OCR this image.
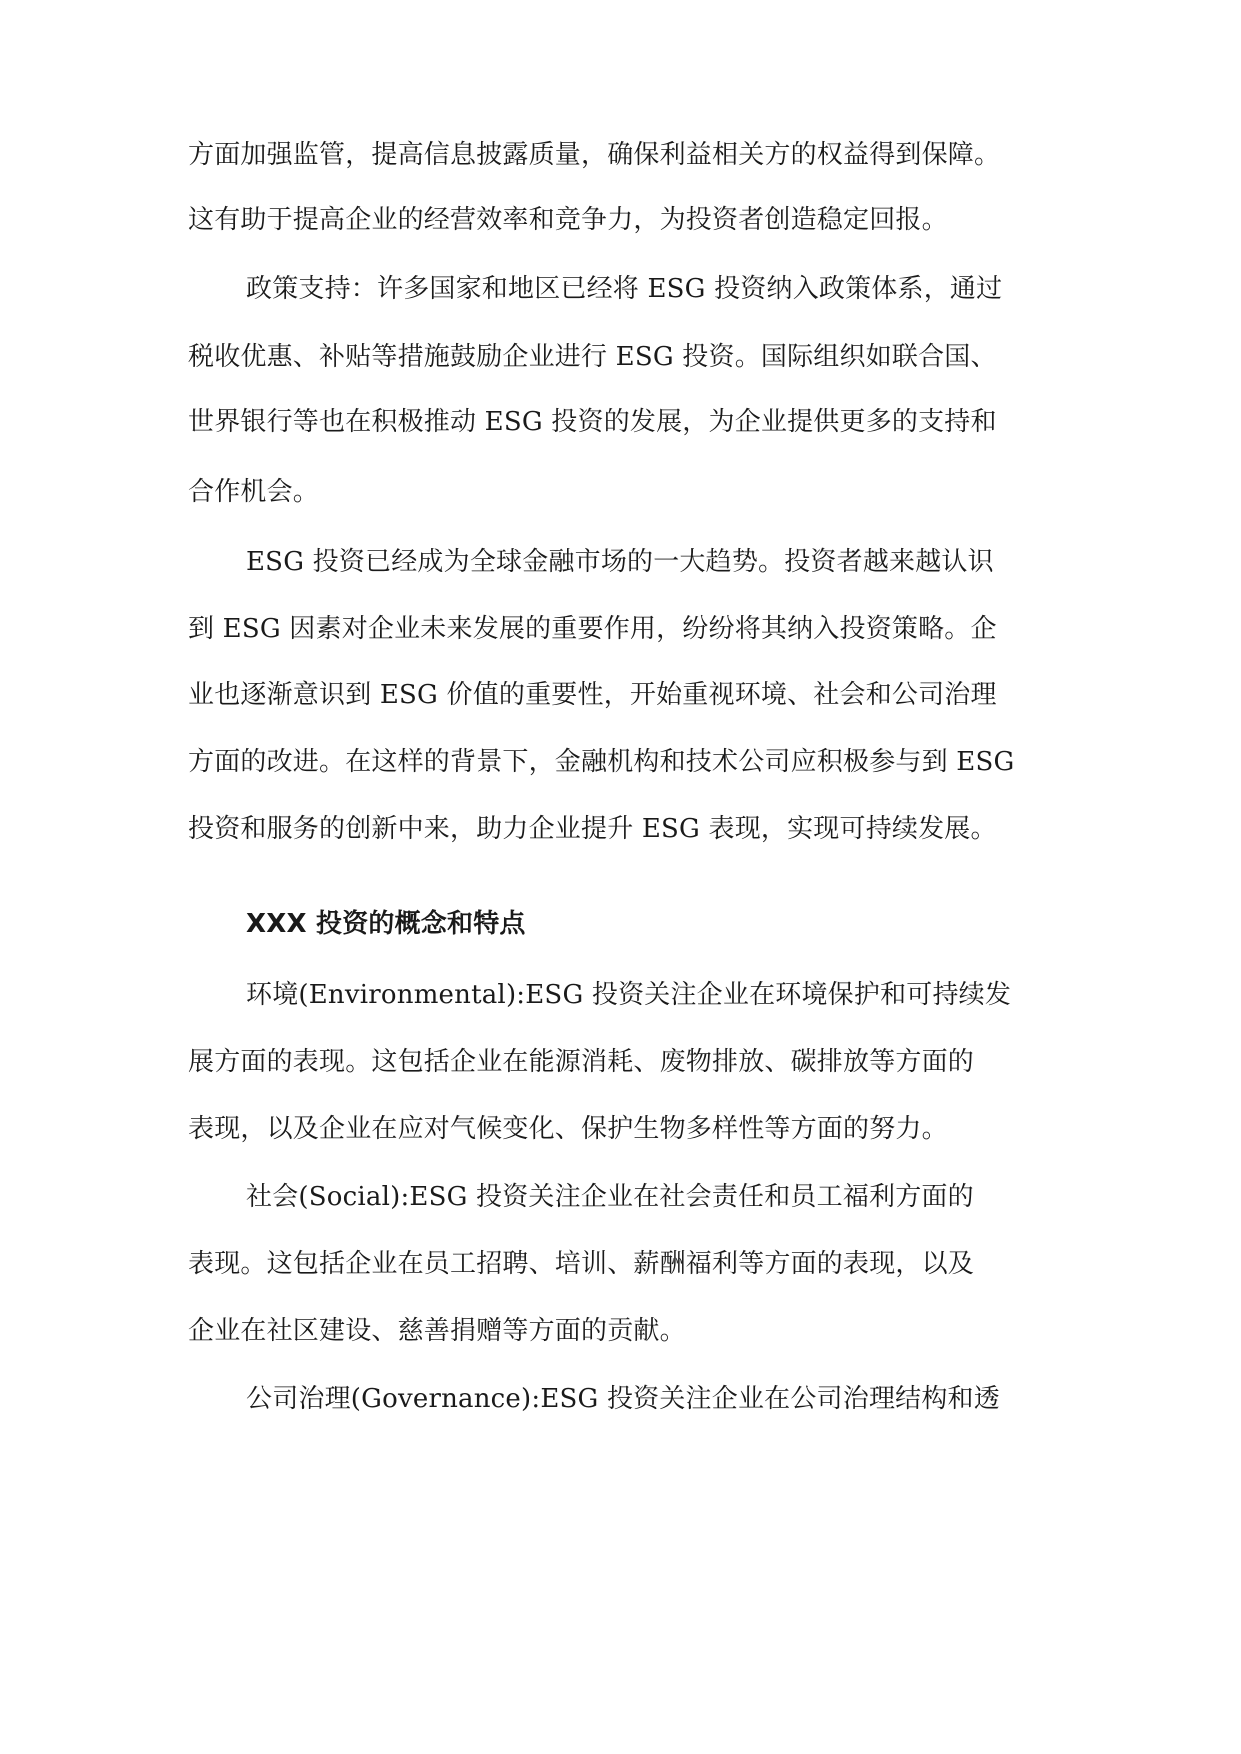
方面加强监管，提高信息披露质量，确保利益相关方的权益得到保障。
这有助于提高企业的经营效率和竞争力，为投资者创造稳定回报。
政策支持：许多国家和地区已经将 ESG 投资纳入政策体系，通过
税收优惠、补贴等措施鼓励企业进行 ESG 投资。国际组织如联合国、
世界银行等也在积极推动 ESG 投资的发展，为企业提供更多的支持和
合作机会。
ESG 投资已经成为全球金融市场的一大趋势。投资者越来越认识
到 ESG 因素对企业未来发展的重要作用，纷纷将其纳入投资策略。企
业也逐渐意识到 ESG 价值的重要性，开始重视环境、社会和公司治理
方面的改进。在这样的背景下，金融机构和技术公司应积极参与到 ESG
投资和服务的创新中来，助力企业提升 ESG 表现，实现可持续发展。
XXX 投资的概念和特点
环境(Environmental):ESG 投资关注企业在环境保护和可持续发
展方面的表现。这包括企业在能源消耗、废物排放、碳排放等方面的
表现，以及企业在应对气候变化、保护生物多样性等方面的努力。
社会(Social):ESG 投资关注企业在社会责任和员工福利方面的
表现。这包括企业在员工招聘、培训、薪酬福利等方面的表现，以及
企业在社区建设、慈善捐赠等方面的贡献。
公司治理(Governance):ESG 投资关注企业在公司治理结构和透
